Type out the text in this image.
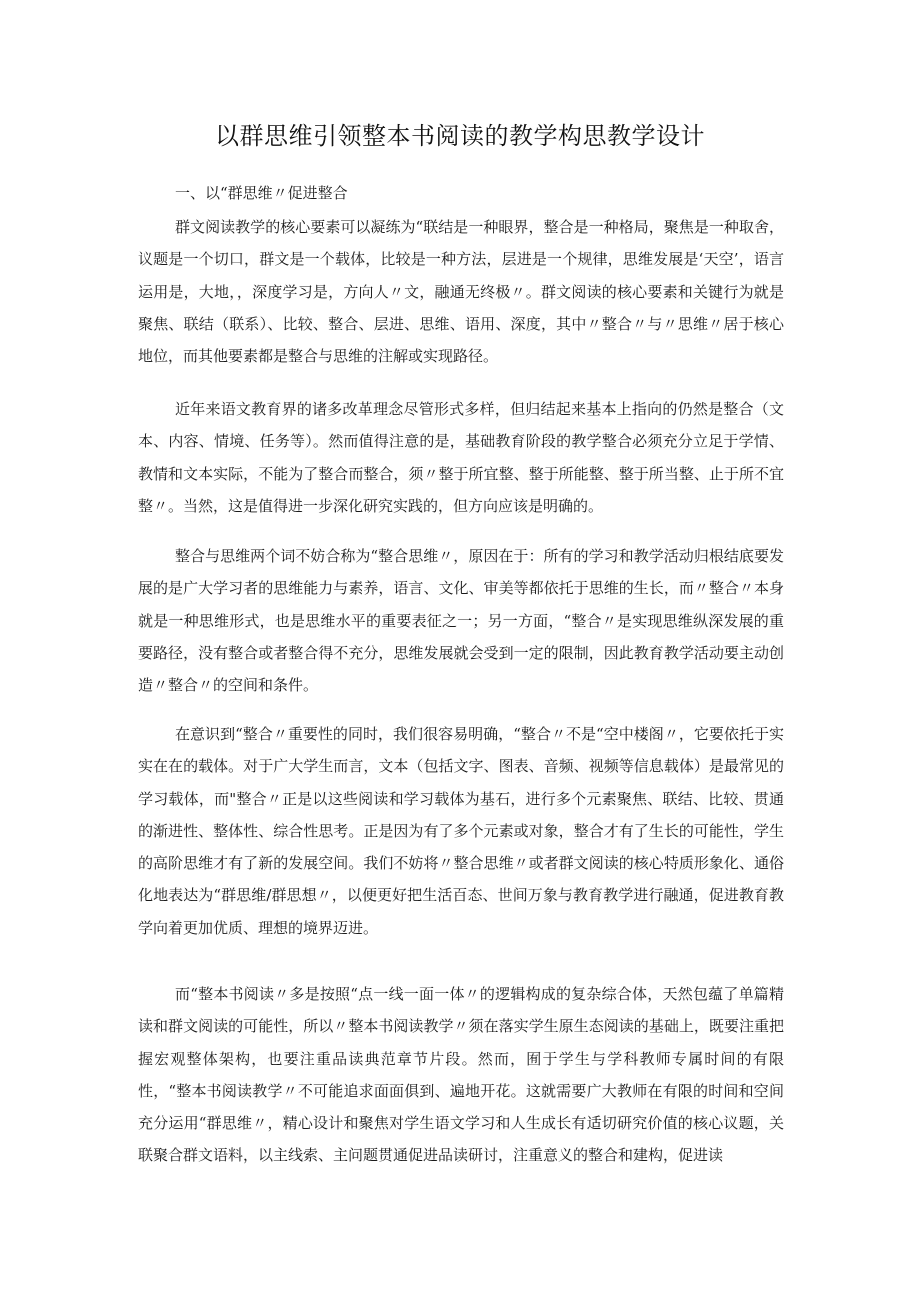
以群思维引领整本书阅读的教学构思教学设计
一、以“群思维〃促进整合

群文阅读教学的核心要素可以凝练为“联结是一种眼界，整合是一种格局，聚焦是一种取舍，议题是一个切口，群文是一个载体，比较是一种方法，层进是一个规律，思维发展是‘天空’，语言运用是，大地，，深度学习是，方向人〃文，融通无终极〃。群文阅读的核心要素和关键行为就是聚焦、联结（联系）、比较、整合、层进、思维、语用、深度，其中〃整合〃与〃思维〃居于核心地位，而其他要素都是整合与思维的注解或实现路径。

近年来语文教育界的诸多改革理念尽管形式多样，但归结起来基本上指向的仍然是整合（文本、内容、情境、任务等）。然而值得注意的是，基础教育阶段的教学整合必须充分立足于学情、教情和文本实际，不能为了整合而整合，须〃整于所宜整、整于所能整、整于所当整、止于所不宜整〃。当然，这是值得进一步深化研究实践的，但方向应该是明确的。

整合与思维两个词不妨合称为“整合思维〃，原因在于：所有的学习和教学活动归根结底要发展的是广大学习者的思维能力与素养，语言、文化、审美等都依托于思维的生长，而〃整合〃本身就是一种思维形式，也是思维水平的重要表征之一；另一方面，“整合〃是实现思维纵深发展的重要路径，没有整合或者整合得不充分，思维发展就会受到一定的限制，因此教育教学活动要主动创造〃整合〃的空间和条件。

在意识到“整合〃重要性的同时，我们很容易明确，“整合〃不是“空中楼阁〃，它要依托于实实在在的载体。对于广大学生而言，文本（包括文字、图表、音频、视频等信息载体）是最常见的学习载体，而"整合〃正是以这些阅读和学习载体为基石，进行多个元素聚焦、联结、比较、贯通的渐进性、整体性、综合性思考。正是因为有了多个元素或对象，整合才有了生长的可能性，学生的高阶思维才有了新的发展空间。我们不妨将〃整合思维〃或者群文阅读的核心特质形象化、通俗化地表达为“群思维/群思想〃，以便更好把生活百态、世间万象与教育教学进行融通，促进教育教学向着更加优质、理想的境界迈进。

而“整本书阅读〃多是按照“点一线一面一体〃的逻辑构成的复杂综合体，天然包蕴了单篇精读和群文阅读的可能性，所以〃整本书阅读教学〃须在落实学生原生态阅读的基础上，既要注重把握宏观整体架构，也要注重品读典范章节片段。然而，囿于学生与学科教师专属时间的有限性，“整本书阅读教学〃不可能追求面面俱到、遍地开花。这就需要广大教师在有限的时间和空间充分运用“群思维〃，精心设计和聚焦对学生语文学习和人生成长有适切研究价值的核心议题，关联聚合群文语料，以主线索、主问题贯通促进品读研讨，注重意义的整合和建构，促进读
